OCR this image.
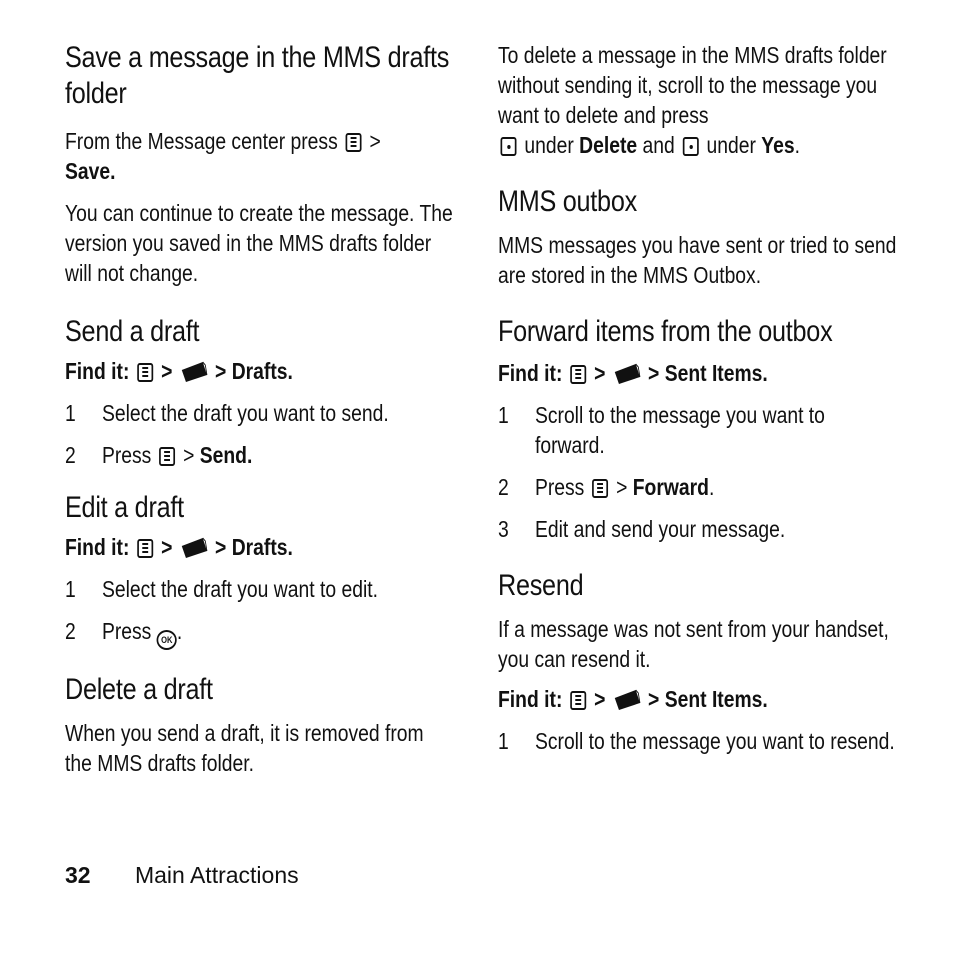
Save a message in the MMS drafts folder

From the Message center press >
Save.

You can continue to create the message. The version you saved in the MMS drafts folder will not change.

Send a draft
Find it: > > Drafts.
1 Select the draft you want to send.
2 Press > Send.
Edit a draft
Find it: > > Drafts.
1 Select the draft you want to edit.
2 Press OK .
Delete a draft

When you send a draft, it is removed from the MMS drafts folder.

To delete a message in the MMS drafts folder without sending it, scroll to the message you want to delete and press
under Delete and under Yes.

MMS outbox

MMS messages you have sent or tried to send are stored in the MMS Outbox.

Forward items from the outbox
Find it: > > Sent Items.
1 Scroll to the message you want to forward.
2 Press > Forward.
3 Edit and send your message.
Resend

If a message was not sent from your handset, you can resend it.

Find it: > > Sent Items.
1 Scroll to the message you want to resend.
32 Main Attractions
